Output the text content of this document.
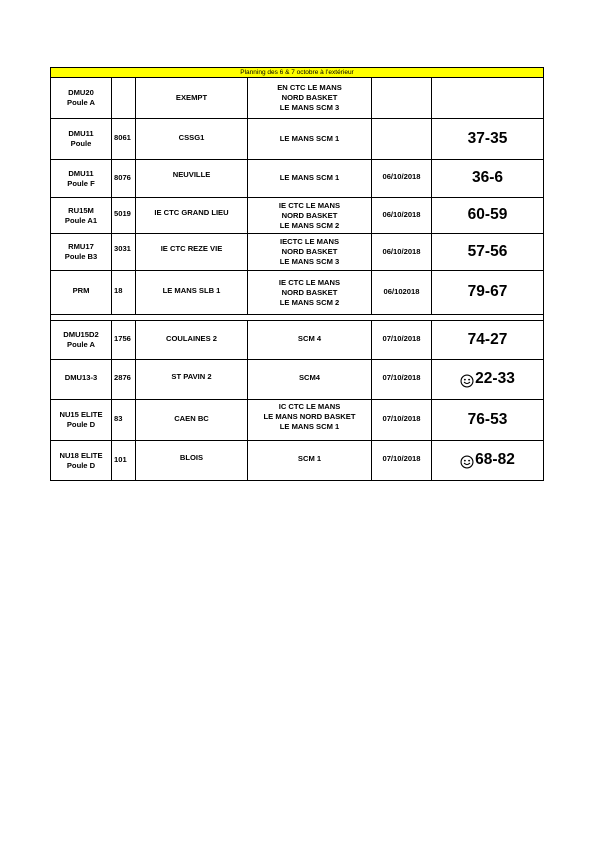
Planning des 6 & 7 octobre à l’extérieur					

DMU20
Poule A		EXEMPT	EN CTC LE MANS
NORD BASKET
LE MANS SCM 3		

DMU11
Poule	8061	CSSG1	LE MANS SCM 1		37-35

DMU11
Poule F	8076	NEUVILLE	LE MANS SCM 1	06/10/2018	36-6

RU15M
Poule A1	5019	IE CTC GRAND LIEU	IE CTC LE MANS
NORD BASKET
LE MANS SCM 2	06/10/2018	60-59

RMU17
Poule B3	3031	IE CTC REZE VIE	IECTC LE MANS
NORD BASKET
LE MANS SCM 3	06/10/2018	57-56

PRM	18	LE MANS SLB 1	IE CTC LE MANS
NORD BASKET
LE MANS SCM 2	06/102018	79-67

DMU15D2
Poule A	1756	COULAINES 2	SCM 4	07/10/2018	74-27

DMU13-3	2876	ST PAVIN 2	SCM4	07/10/2018	22-33

NU15 ELITE
Poule D	83	CAEN BC	IC CTC LE MANS
LE MANS NORD BASKET
LE MANS SCM 1	07/10/2018	76-53

NU18 ELITE
Poule D	101	BLOIS	SCM 1	07/10/2018	68-82
